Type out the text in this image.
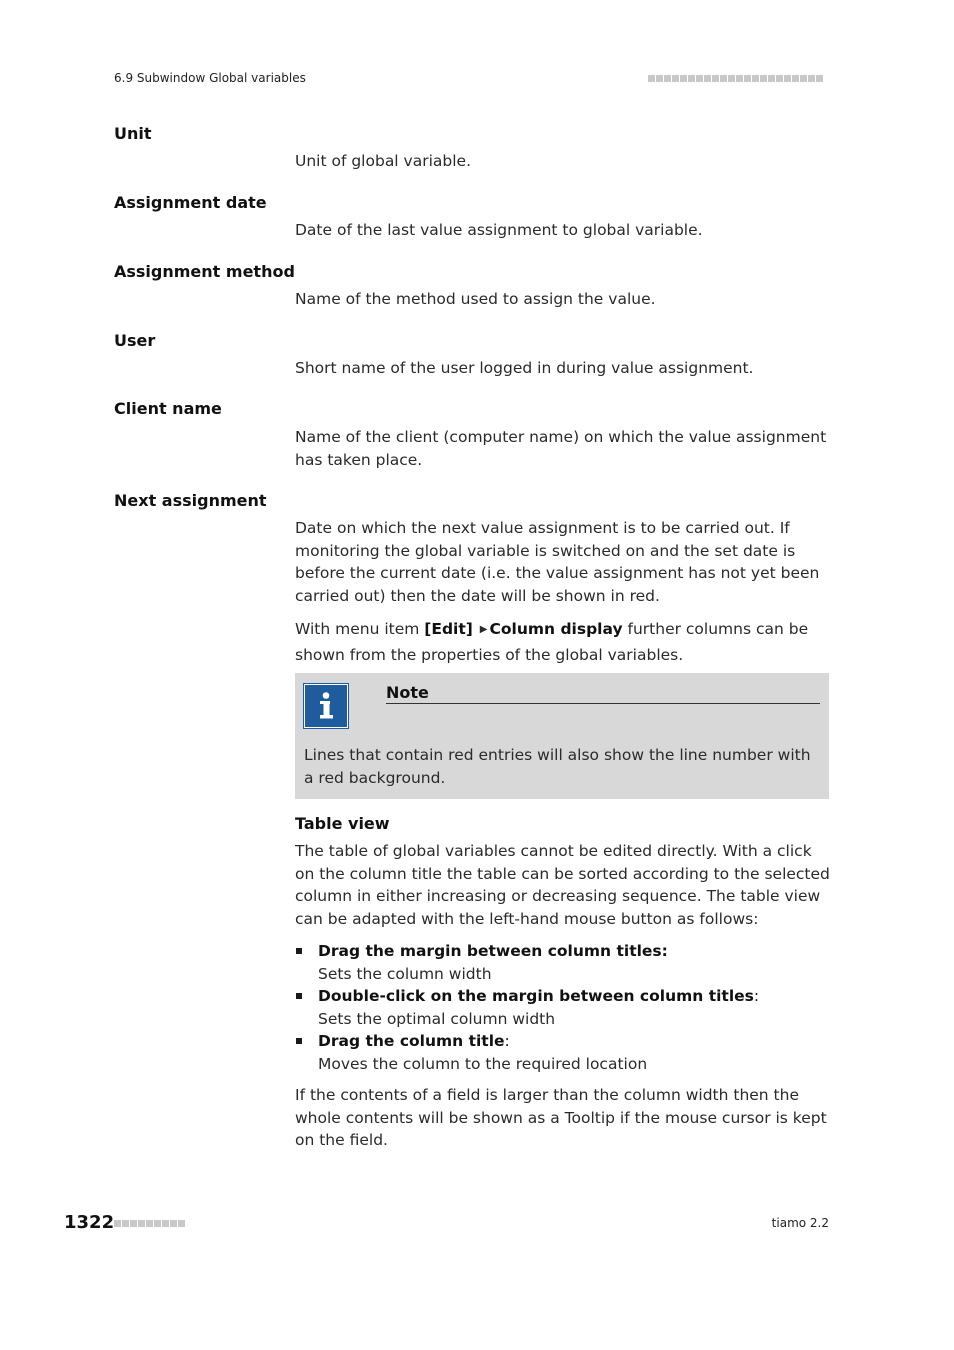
6.9 Subwindow Global variables
Unit
Unit of global variable.
Assignment date
Date of the last value assignment to global variable.
Assignment method
Name of the method used to assign the value.
User
Short name of the user logged in during value assignment.
Client name
Name of the client (computer name) on which the value assignment has taken place.
Next assignment
Date on which the next value assignment is to be carried out. If monitoring the global variable is switched on and the set date is before the current date (i.e. the value assignment has not yet been carried out) then the date will be shown in red.
With menu item [Edit] ▶ Column display further columns can be shown from the properties of the global variables.
Note
Lines that contain red entries will also show the line number with a red background.
Table view
The table of global variables cannot be edited directly. With a click on the column title the table can be sorted according to the selected column in either increasing or decreasing sequence. The table view can be adapted with the left-hand mouse button as follows:
Drag the margin between column titles:
Sets the column width
Double-click on the margin between column titles:
Sets the optimal column width
Drag the column title:
Moves the column to the required location
If the contents of a field is larger than the column width then the whole contents will be shown as a Tooltip if the mouse cursor is kept on the field.
1322	tiamo 2.2
